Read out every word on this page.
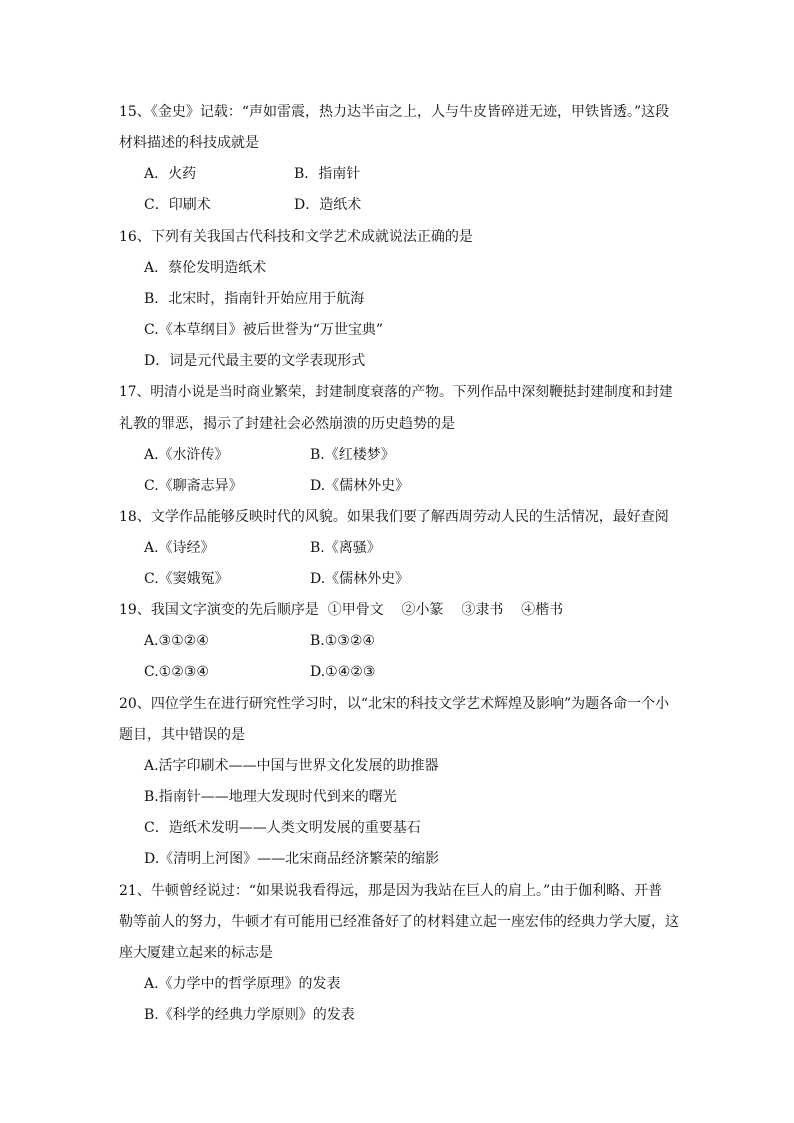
15、《金史》记载：“声如雷震，热力达半亩之上，人与牛皮皆碎迸无迹，甲铁皆透。”这段
材料描述的科技成就是
A．火药	B．指南针
C．印刷术	D．造纸术
16、下列有关我国古代科技和文学艺术成就说法正确的是
A．蔡伦发明造纸术
B．北宋时，指南针开始应用于航海
C.《本草纲目》被后世誉为“万世宝典”
D．词是元代最主要的文学表现形式
17、明清小说是当时商业繁荣，封建制度衰落的产物。下列作品中深刻鞭挞封建制度和封建
礼教的罪恶，揭示了封建社会必然崩溃的历史趋势的是
A.《水浒传》	B.《红楼梦》
C.《聊斋志异》	D.《儒林外史》
18、文学作品能够反映时代的风貌。如果我们要了解西周劳动人民的生活情况，最好查阅
A.《诗经》	B.《离骚》
C.《窦娥冤》	D.《儒林外史》
19、我国文字演变的先后顺序是  ①甲骨文    ②小篆    ③隶书    ④楷书
A.③①②④	B.①③②④
C.①②③④	D.①④②③
20、四位学生在进行研究性学习时，以“北宋的科技文学艺术辉煌及影响”为题各命一个小
题目，其中错误的是
A.活字印刷术——中国与世界文化发展的助推器
B.指南针——地理大发现时代到来的曙光
C．造纸术发明——人类文明发展的重要基石
D.《清明上河图》——北宋商品经济繁荣的缩影
21、牛顿曾经说过：“如果说我看得远，那是因为我站在巨人的肩上。”由于伽利略、开普
勒等前人的努力，牛顿才有可能用已经准备好了的材料建立起一座宏伟的经典力学大厦，这
座大厦建立起来的标志是
A.《力学中的哲学原理》的发表
B.《科学的经典力学原则》的发表
